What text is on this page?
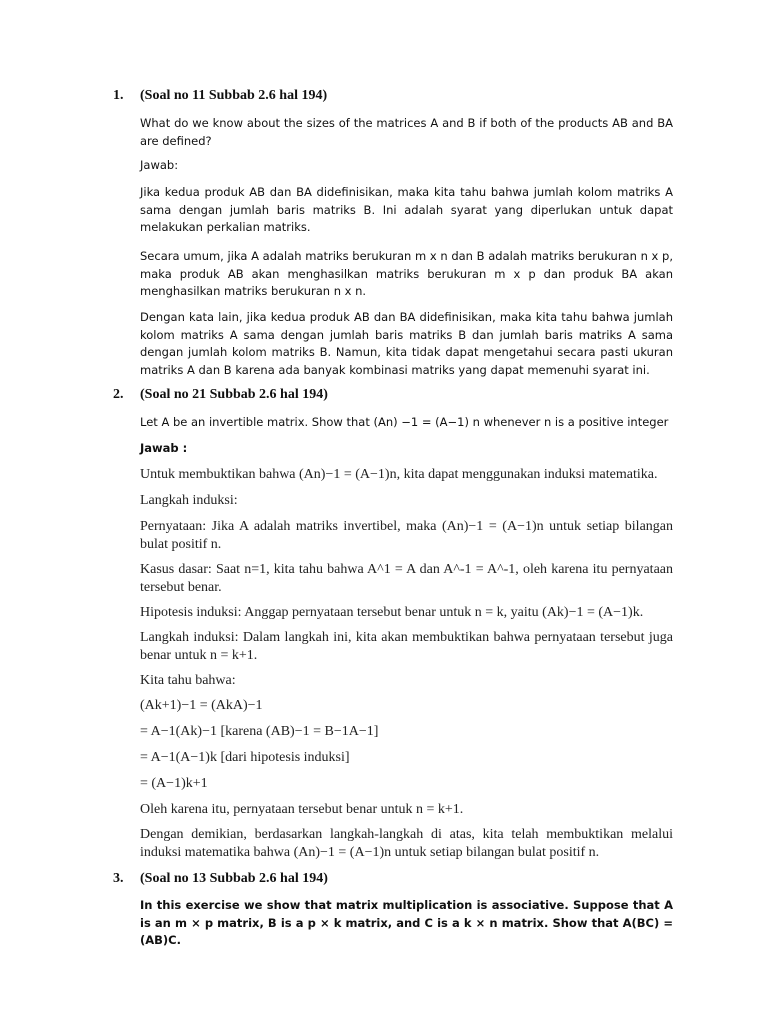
1. (Soal no 11 Subbab 2.6 hal 194)

What do we know about the sizes of the matrices A and B if both of the products AB and BA are defined?

Jawab:

Jika kedua produk AB dan BA didefinisikan, maka kita tahu bahwa jumlah kolom matriks A sama dengan jumlah baris matriks B. Ini adalah syarat yang diperlukan untuk dapat melakukan perkalian matriks.

Secara umum, jika A adalah matriks berukuran m x n dan B adalah matriks berukuran n x p, maka produk AB akan menghasilkan matriks berukuran m x p dan produk BA akan menghasilkan matriks berukuran n x n.

Dengan kata lain, jika kedua produk AB dan BA didefinisikan, maka kita tahu bahwa jumlah kolom matriks A sama dengan jumlah baris matriks B dan jumlah baris matriks A sama dengan jumlah kolom matriks B. Namun, kita tidak dapat mengetahui secara pasti ukuran matriks A dan B karena ada banyak kombinasi matriks yang dapat memenuhi syarat ini.

2. (Soal no 21 Subbab 2.6 hal 194)

Let A be an invertible matrix. Show that (An) −1 = (A−1) n whenever n is a positive integer

Jawab :

Untuk membuktikan bahwa (An)−1 = (A−1)n, kita dapat menggunakan induksi matematika.

Langkah induksi:

Pernyataan: Jika A adalah matriks invertibel, maka (An)−1 = (A−1)n untuk setiap bilangan bulat positif n.

Kasus dasar: Saat n=1, kita tahu bahwa A^1 = A dan A^-1 = A^-1, oleh karena itu pernyataan tersebut benar.

Hipotesis induksi: Anggap pernyataan tersebut benar untuk n = k, yaitu (Ak)−1 = (A−1)k.

Langkah induksi: Dalam langkah ini, kita akan membuktikan bahwa pernyataan tersebut juga benar untuk n = k+1.

Kita tahu bahwa:

(Ak+1)−1 = (AkA)−1

= A−1(Ak)−1 [karena (AB)−1 = B−1A−1]

= A−1(A−1)k [dari hipotesis induksi]

= (A−1)k+1

Oleh karena itu, pernyataan tersebut benar untuk n = k+1.

Dengan demikian, berdasarkan langkah-langkah di atas, kita telah membuktikan melalui induksi matematika bahwa (An)−1 = (A−1)n untuk setiap bilangan bulat positif n.

3. (Soal no 13 Subbab 2.6 hal 194)

In this exercise we show that matrix multiplication is associative. Suppose that A is an m × p matrix, B is a p × k matrix, and C is a k × n matrix. Show that A(BC) = (AB)C.
